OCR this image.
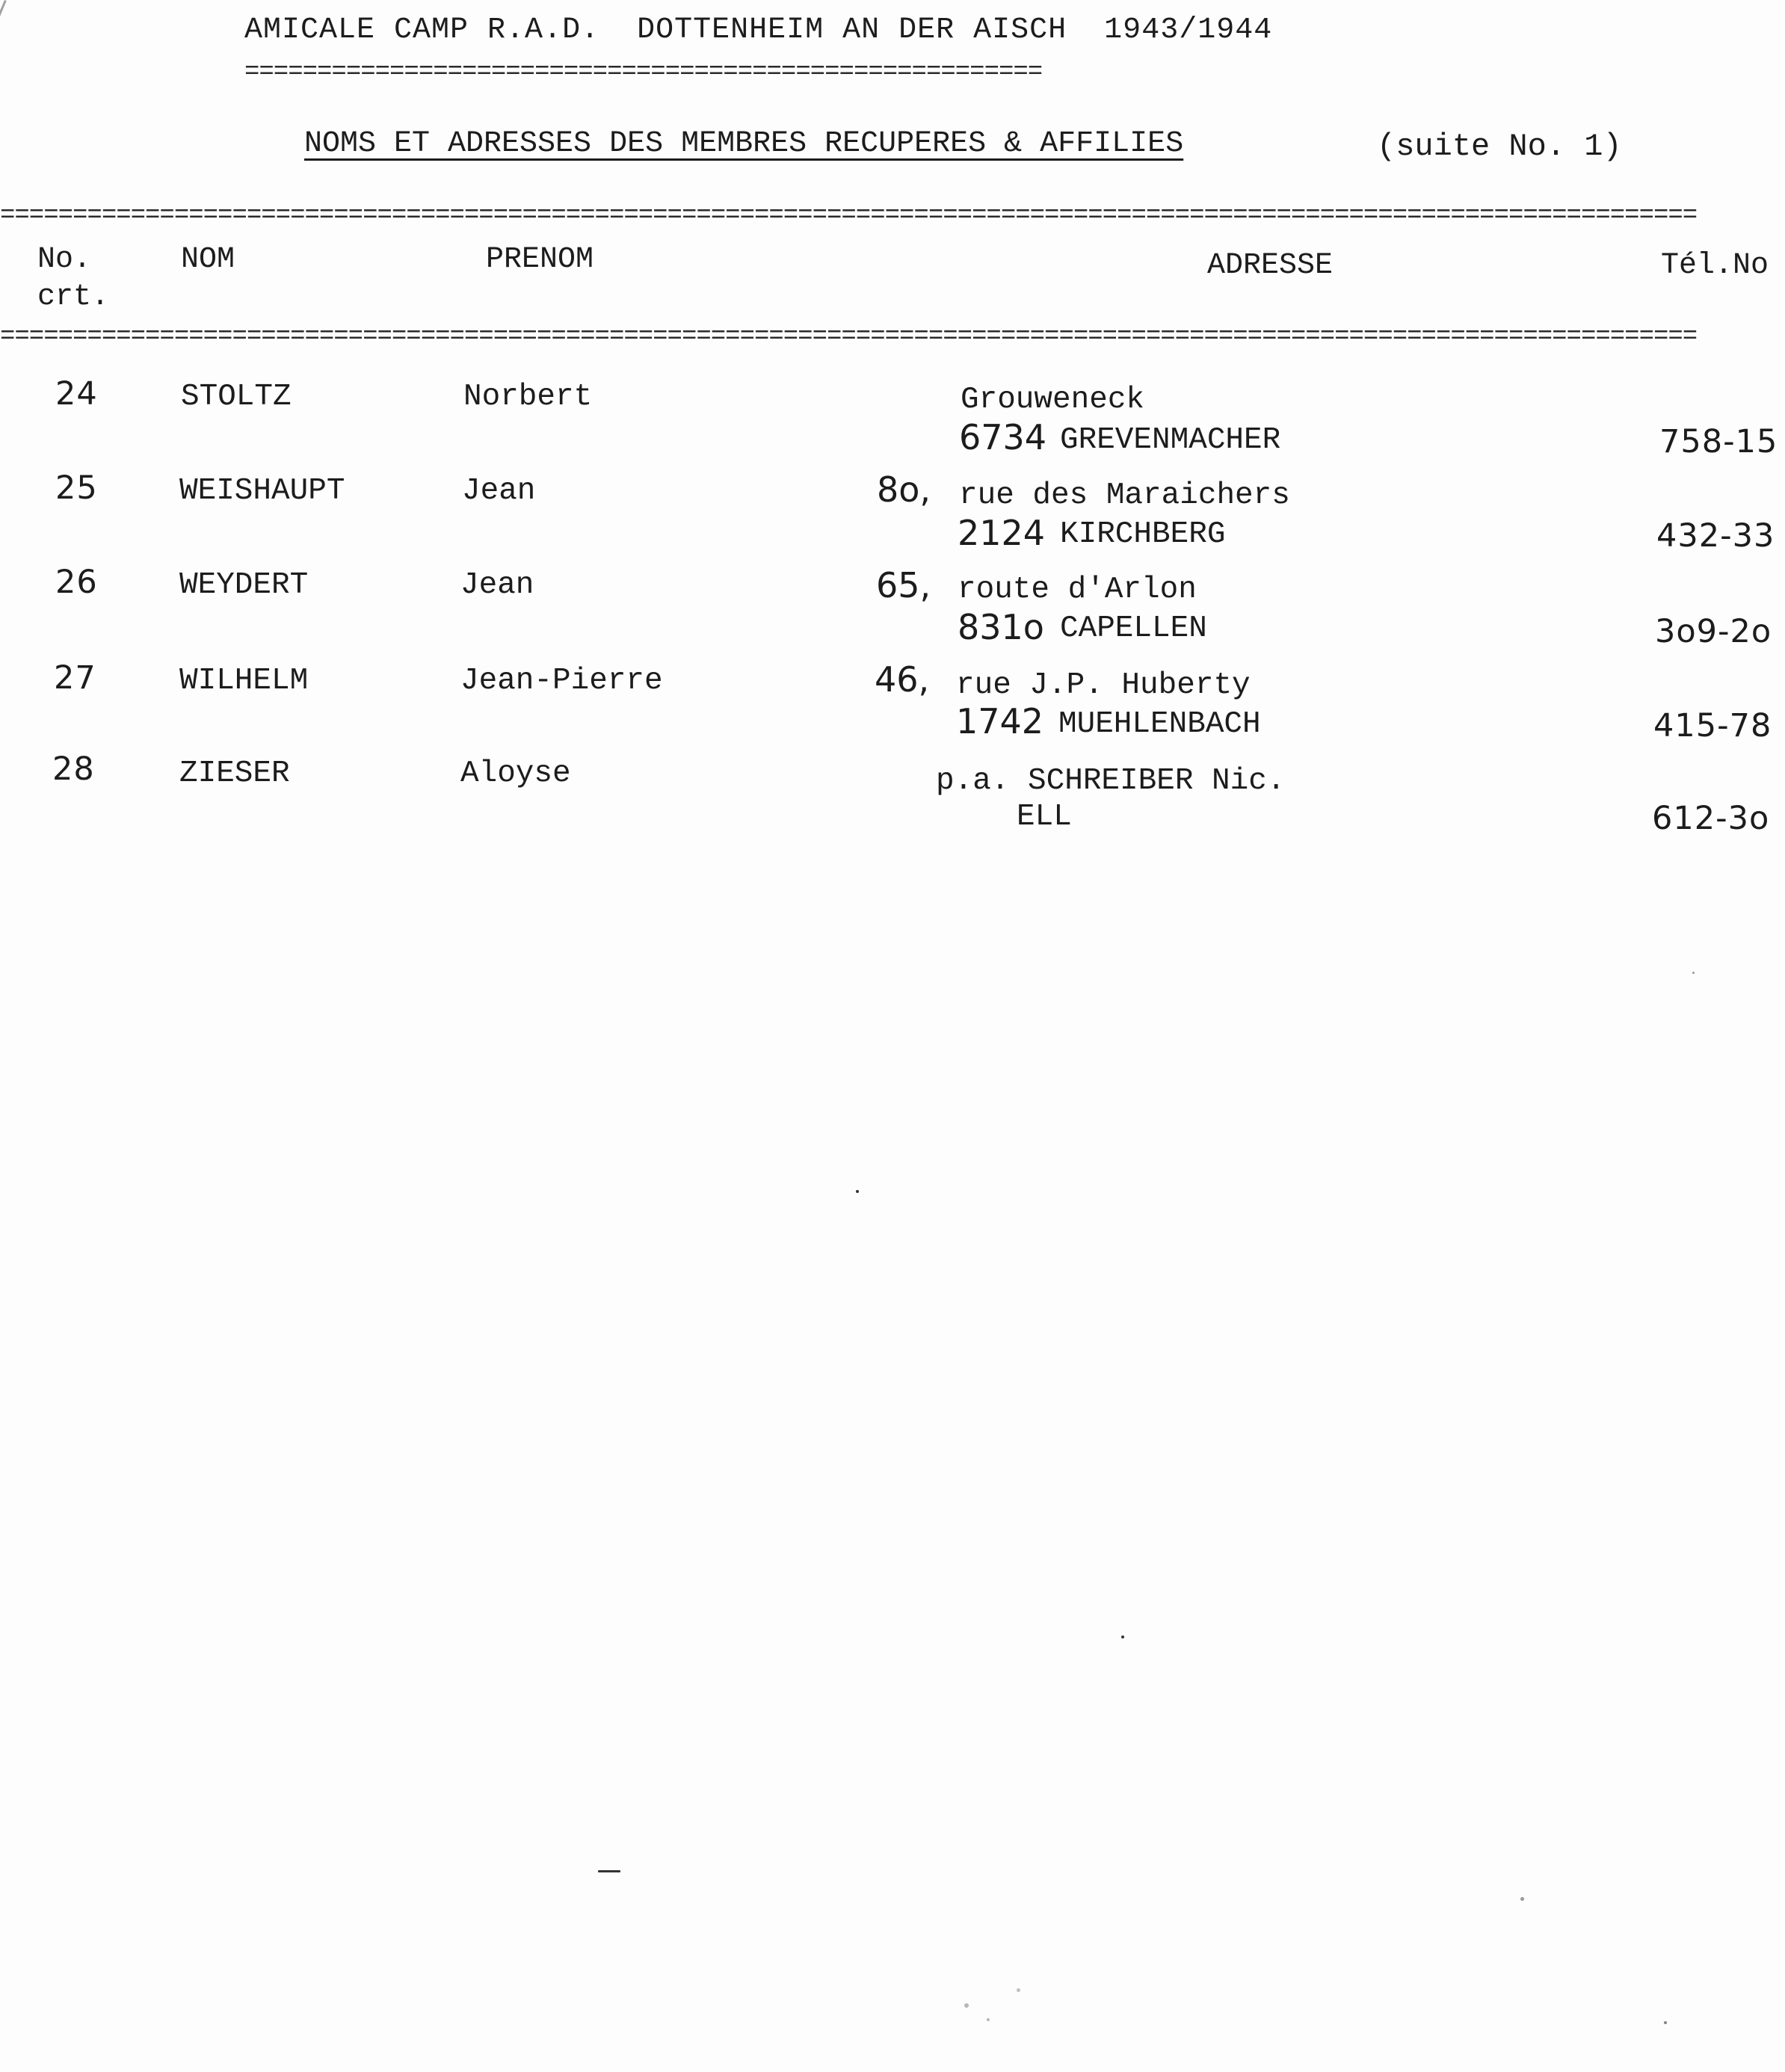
AMICALE CAMP R.A.D.  DOTTENHEIM AN DER AISCH  1943/1944
=======================================================
NOMS ET ADRESSES DES MEMBRES RECUPERES & AFFILIES	(suite No. 1)
=====================================================================================================================
No.
crt.
NOM	PRENOM	ADRESSE	Tél.No
=====================================================================================================================
24	STOLTZ	Norbert	Grouweneck
6734 GREVENMACHER	758-15
25	WEISHAUPT	Jean	8o, rue des Maraichers
2124 KIRCHBERG	432-33
26	WEYDERT	Jean	65, route d'Arlon
831o CAPELLEN	3o9-2o
27	WILHELM	Jean-Pierre	46, rue J.P. Huberty
1742 MUEHLENBACH	415-78
28	ZIESER	Aloyse	p.a. SCHREIBER Nic.
ELL	612-3o
